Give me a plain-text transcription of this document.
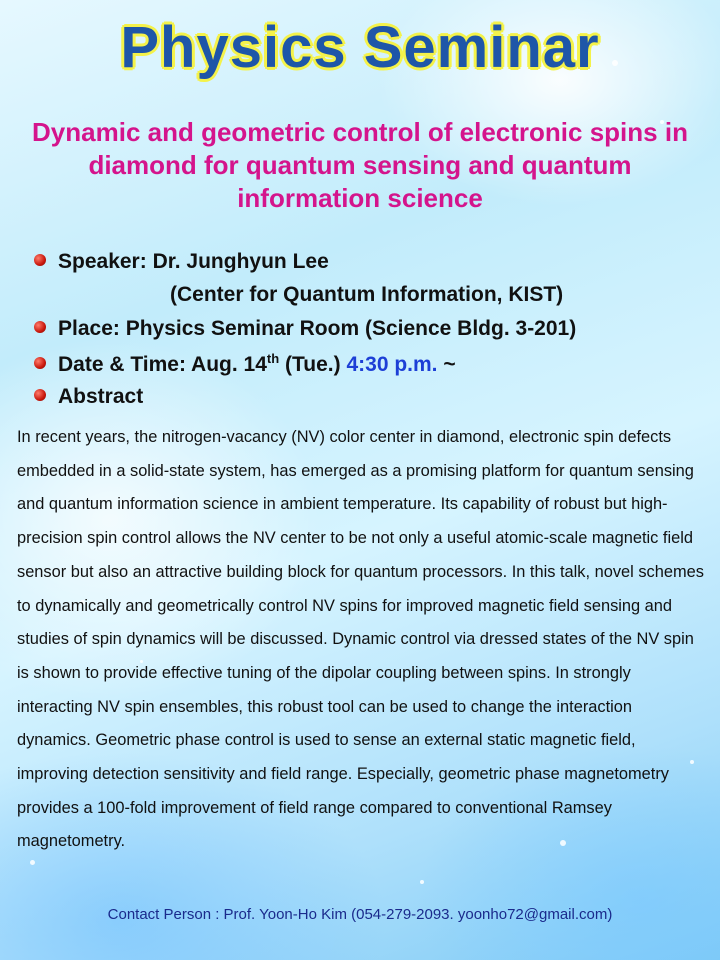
Physics Seminar
Dynamic and geometric control of electronic spins in diamond for quantum sensing and quantum information science
Speaker: Dr. Junghyun Lee
(Center for Quantum Information, KIST)
Place: Physics Seminar Room (Science Bldg. 3-201)
Date & Time: Aug. 14th (Tue.) 4:30 p.m. ~
Abstract

In recent years, the nitrogen-vacancy (NV) color center in diamond, electronic spin defects embedded in a solid-state system, has emerged as a promising platform for quantum sensing and quantum information science in ambient temperature. Its capability of robust but high-precision spin control allows the NV center to be not only a useful atomic-scale magnetic field sensor but also an attractive building block for quantum processors. In this talk, novel schemes to dynamically and geometrically control NV spins for improved magnetic field sensing and studies of spin dynamics will be discussed. Dynamic control via dressed states of the NV spin is shown to provide effective tuning of the dipolar coupling between spins. In strongly interacting NV spin ensembles, this robust tool can be used to change the interaction dynamics. Geometric phase control is used to sense an external static magnetic field, improving detection sensitivity and field range. Especially, geometric phase magnetometry provides a 100-fold improvement of field range compared to conventional Ramsey magnetometry.

Contact Person : Prof. Yoon-Ho Kim (054-279-2093. yoonho72@gmail.com)
